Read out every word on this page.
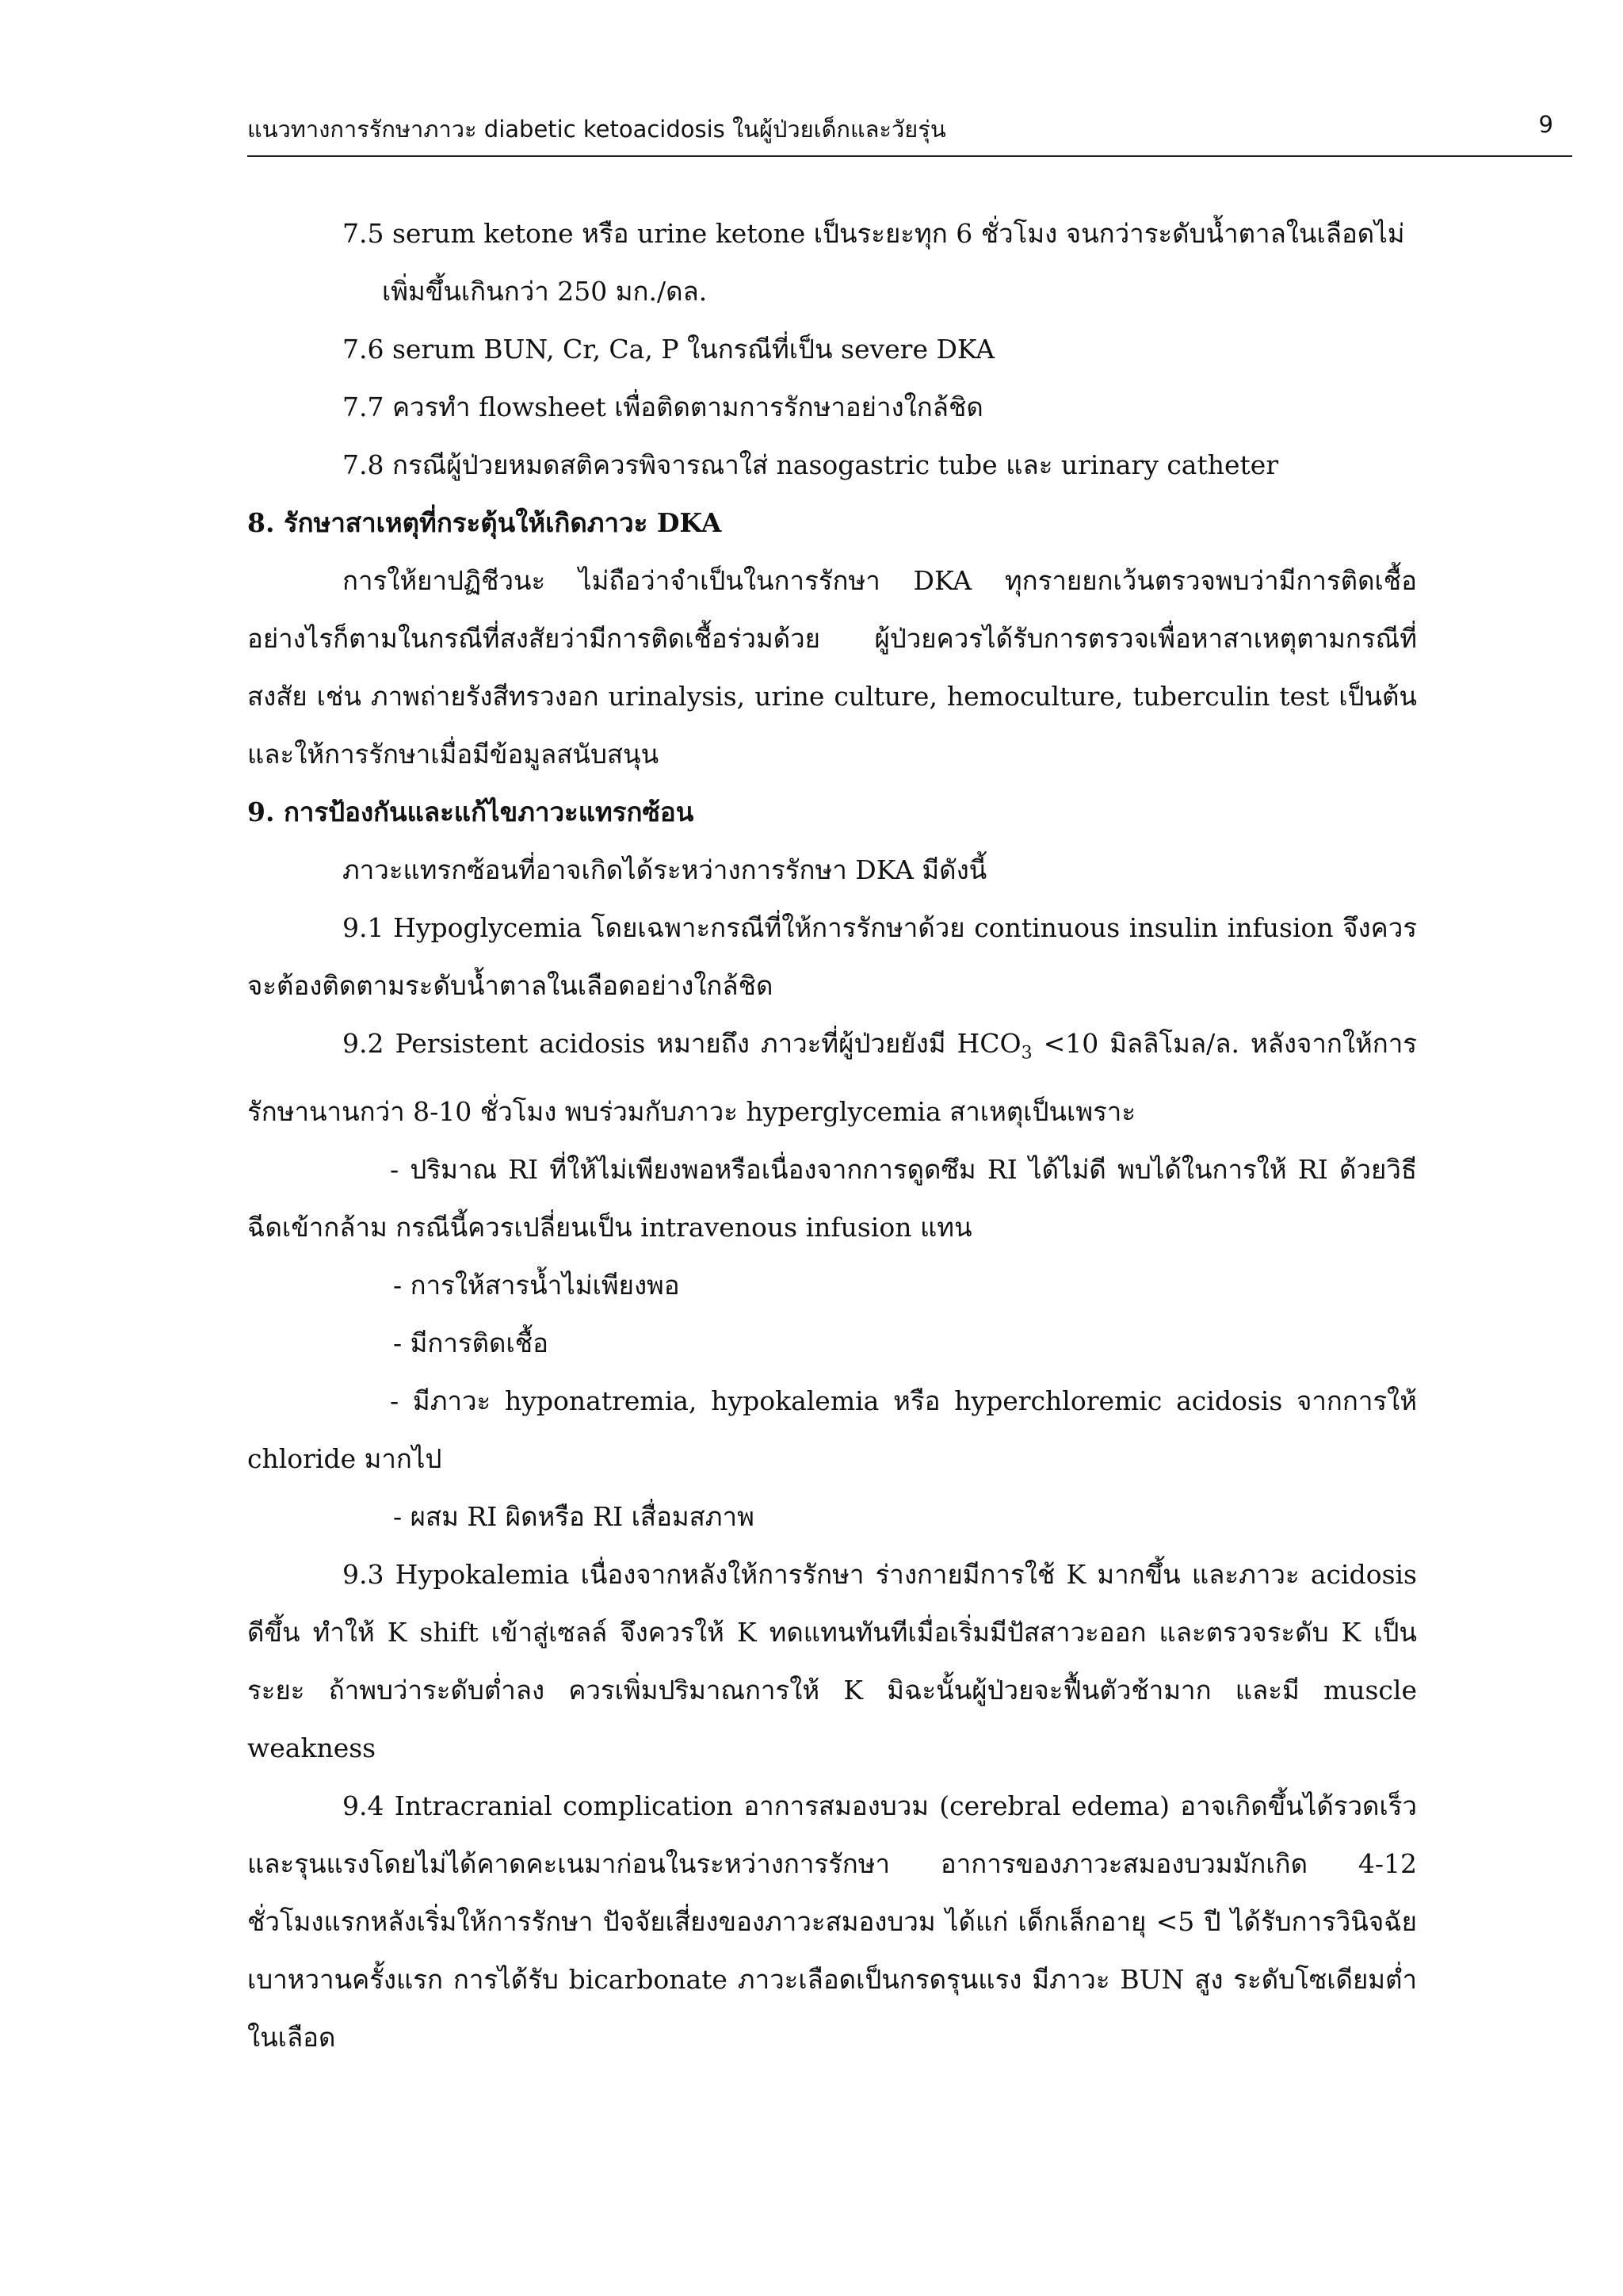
แนวทางการรักษาภาวะ diabetic ketoacidosis ในผู้ป่วยเด็กและวัยรุ่น	9

7.5 serum ketone หรือ urine ketone เป็นระยะทุก 6 ชั่วโมง จนกว่าระดับน้ำตาลในเลือดไม่เพิ่มขึ้นเกินกว่า 250 มก./ดล.

7.6 serum BUN, Cr, Ca, P ในกรณีที่เป็น severe DKA

7.7 ควรทำ flowsheet เพื่อติดตามการรักษาอย่างใกล้ชิด

7.8 กรณีผู้ป่วยหมดสติควรพิจารณาใส่ nasogastric tube และ urinary catheter

8. รักษาสาเหตุที่กระตุ้นให้เกิดภาวะ DKA

การให้ยาปฏิชีวนะ ไม่ถือว่าจำเป็นในการรักษา DKA ทุกรายยกเว้นตรวจพบว่ามีการติดเชื้อ อย่างไรก็ตามในกรณีที่สงสัยว่ามีการติดเชื้อร่วมด้วย ผู้ป่วยควรได้รับการตรวจเพื่อหาสาเหตุตามกรณีที่สงสัย เช่น ภาพถ่ายรังสีทรวงอก urinalysis, urine culture, hemoculture, tuberculin test เป็นต้น และให้การรักษาเมื่อมีข้อมูลสนับสนุน

9. การป้องกันและแก้ไขภาวะแทรกซ้อน

ภาวะแทรกซ้อนที่อาจเกิดได้ระหว่างการรักษา DKA มีดังนี้

9.1 Hypoglycemia โดยเฉพาะกรณีที่ให้การรักษาด้วย continuous insulin infusion จึงควรจะต้องติดตามระดับน้ำตาลในเลือดอย่างใกล้ชิด

9.2 Persistent acidosis หมายถึง ภาวะที่ผู้ป่วยยังมี $HCO_3 <10$ มิลลิโมล/ล. หลังจากให้การรักษานานกว่า 8-10 ชั่วโมง พบร่วมกับภาวะ hyperglycemia สาเหตุเป็นเพราะ

- ปริมาณ RI ที่ให้ไม่เพียงพอหรือเนื่องจากการดูดซึม RI ได้ไม่ดี พบได้ในการให้ RI ด้วยวิธีฉีดเข้ากล้าม กรณีนี้ควรเปลี่ยนเป็น intravenous infusion แทน

- การให้สารน้ำไม่เพียงพอ

- มีการติดเชื้อ

- มีภาวะ hyponatremia, hypokalemia หรือ hyperchloremic acidosis จากการให้ chloride มากไป

- ผสม RI ผิดหรือ RI เสื่อมสภาพ

9.3 Hypokalemia เนื่องจากหลังให้การรักษา ร่างกายมีการใช้ K มากขึ้น และภาวะ acidosis ดีขึ้น ทำให้ K shift เข้าสู่เซลล์ จึงควรให้ K ทดแทนทันทีเมื่อเริ่มมีปัสสาวะออก และตรวจระดับ K เป็นระยะ ถ้าพบว่าระดับต่ำลง ควรเพิ่มปริมาณการให้ K มิฉะนั้นผู้ป่วยจะฟื้นตัวช้ามาก และมี muscle weakness

9.4 Intracranial complication อาการสมองบวม (cerebral edema) อาจเกิดขึ้นได้รวดเร็วและรุนแรงโดยไม่ได้คาดคะเนมาก่อนในระหว่างการรักษา อาการของภาวะสมองบวมมักเกิด 4-12 ชั่วโมงแรกหลังเริ่มให้การรักษา ปัจจัยเสี่ยงของภาวะสมองบวม ได้แก่ เด็กเล็กอายุ <5 ปี ได้รับการวินิจฉัยเบาหวานครั้งแรก การได้รับ bicarbonate ภาวะเลือดเป็นกรดรุนแรง มีภาวะ BUN สูง ระดับโซเดียมต่ำในเลือด
